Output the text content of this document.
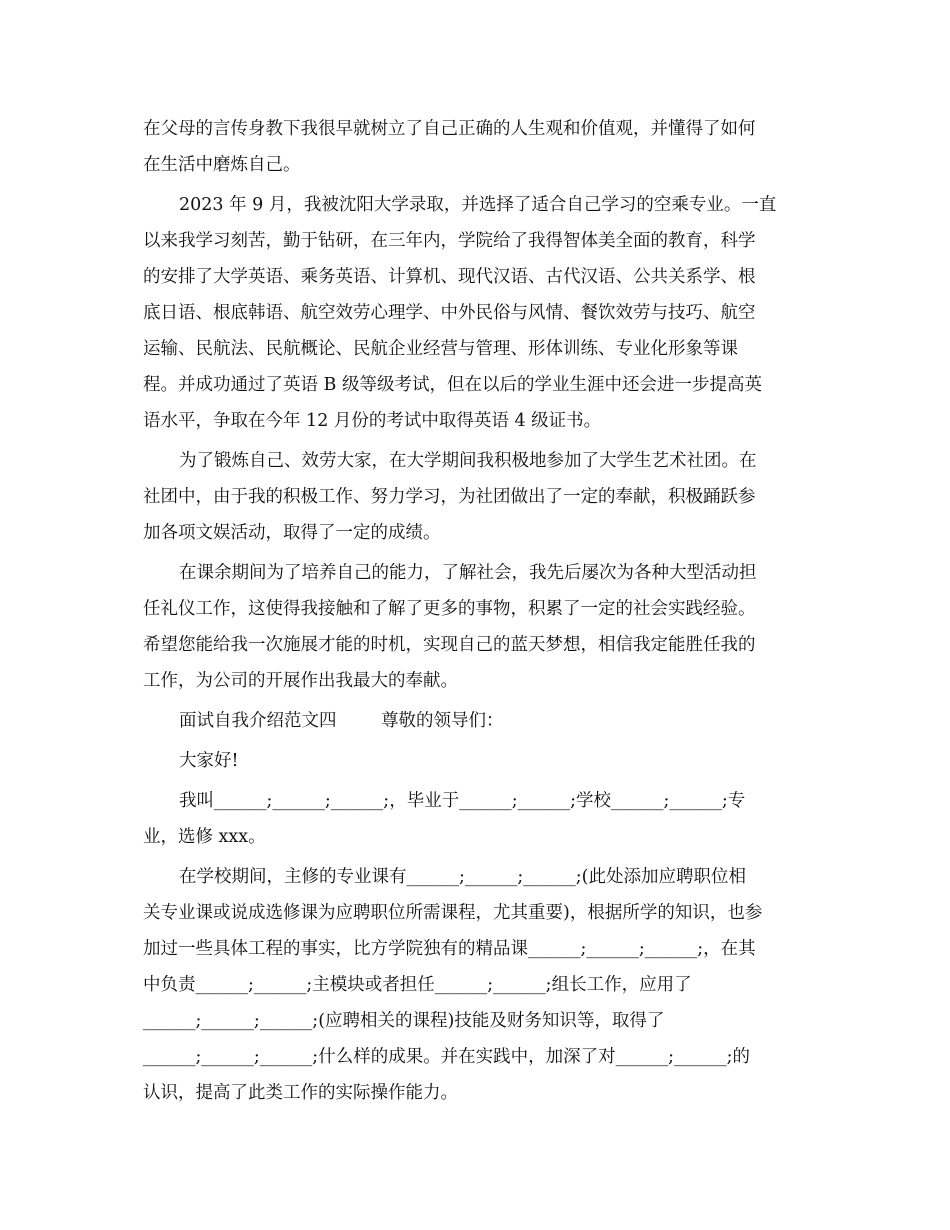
在父母的言传身教下我很早就树立了自己正确的人生观和价值观，并懂得了如何
在生活中磨炼自己。
2023 年 9 月，我被沈阳大学录取，并选择了适合自己学习的空乘专业。一直
以来我学习刻苦，勤于钻研，在三年内，学院给了我得智体美全面的教育，科学
的安排了大学英语、乘务英语、计算机、现代汉语、古代汉语、公共关系学、根
底日语、根底韩语、航空效劳心理学、中外民俗与风情、餐饮效劳与技巧、航空
运输、民航法、民航概论、民航企业经营与管理、形体训练、专业化形象等课
程。并成功通过了英语 B 级等级考试，但在以后的学业生涯中还会进一步提高英
语水平，争取在今年 12 月份的考试中取得英语 4 级证书。
为了锻炼自己、效劳大家，在大学期间我积极地参加了大学生艺术社团。在
社团中，由于我的积极工作、努力学习，为社团做出了一定的奉献，积极踊跃参
加各项文娱活动，取得了一定的成绩。
在课余期间为了培养自己的能力，了解社会，我先后屡次为各种大型活动担
任礼仪工作，这使得我接触和了解了更多的事物，积累了一定的社会实践经验。
希望您能给我一次施展才能的时机，实现自己的蓝天梦想，相信我定能胜任我的
工作，为公司的开展作出我最大的奉献。
面试自我介绍范文四        尊敬的领导们：
大家好!
我叫______;______;______;，毕业于______;______;学校______;______;专
业，选修 xxx。
在学校期间，主修的专业课有______;______;______;(此处添加应聘职位相
关专业课或说成选修课为应聘职位所需课程，尤其重要)，根据所学的知识，也参
加过一些具体工程的事实，比方学院独有的精品课______;______;______;，在其
中负责______;______;主模块或者担任______;______;组长工作，应用了
______;______;______;(应聘相关的课程)技能及财务知识等，取得了
______;______;______;什么样的成果。并在实践中，加深了对______;______;的
认识，提高了此类工作的实际操作能力。
